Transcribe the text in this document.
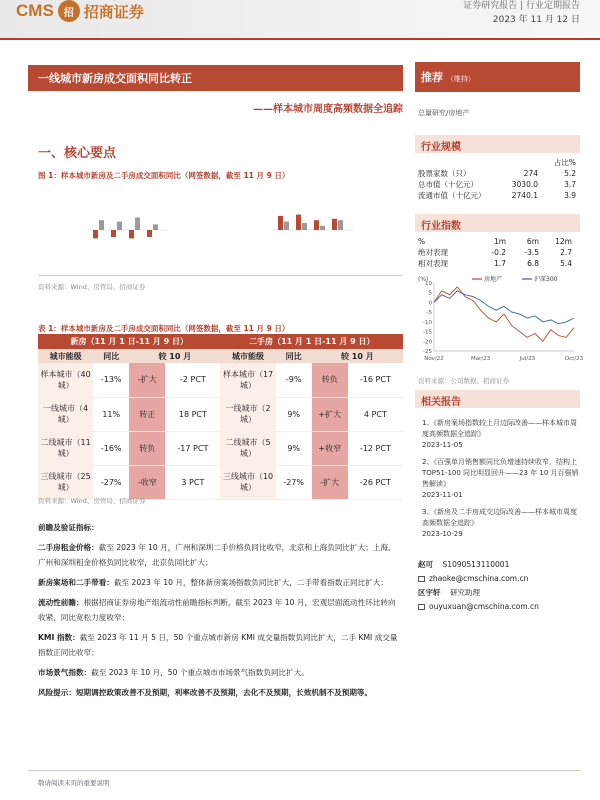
CMS	招 招商证券	证券研究报告 | 行业定期报告
2023 年 11 月 12 日
一线城市新房成交面积同比转正
——样本城市周度高频数据全追踪
推荐 （维持）
总量研究/房地产
一、核心要点
图 1：样本城市新房及二手房成交面积同比（网签数据，截至 11 月 9 日）
资料来源：Wind、房管局、招商证券
表 1：样本城市新房及二手房成交面积同比（网签数据，截至 11 月 9 日）
新房（11 月 1 日-11 月 9 日）				二手房（11 月 1 日-11 月 9 日）			
城市能级	同比	较 10 月		城市能级	同比	较 10 月	
样本城市（40 城）	-13%	-扩大	-2 PCT	样本城市（17 城）	-9%	转负	-16 PCT
一线城市（4 城）	11%	转正	18 PCT	一线城市（2 城）	9%	+扩大	4 PCT
二线城市（11 城）	-16%	转负	-17 PCT	二线城市（5 城）	9%	+收窄	-12 PCT
三线城市（25 城）	-27%	-收窄	3 PCT	三线城市（10 城）	-27%	-扩大	-26 PCT
资料来源：Wind、房管局、招商证券

前瞻及验证指标：

二手房租金价格：截至 2023 年 10 月，广州和深圳二手价格负同比收窄，北京和上海负同比扩大；上海、广州和深圳租金价格负同比收窄，北京负同比扩大；

新房案场和二手带看：截至 2023 年 10 月，整体新房案场指数负同比扩大，二手带看指数正同比扩大；

流动性前瞻：根据招商证券房地产组流动性前瞻指标判断，截至 2023 年 10 月，宏观层面流动性环比转向收紧，同比宽松力度收窄；

KMI 指数：截至 2023 年 11 月 5 日，50 个重点城市新房 KMI 成交量指数负同比扩大，二手 KMI 成交量指数正同比收窄；

市场景气指数：截至 2023 年 10 月，50 个重点城市市场景气指数负同比扩大。

风险提示：短期调控政策改善不及预期，利率改善不及预期，去化不及预期，长效机制不及预期等。

行业规模
占比%
股票家数（只）	274	5.2
总市值（十亿元）	3030.0	3.7
流通市值（十亿元）	2740.1	3.9
行业指数
%	1m	6m	12m
绝对表现	-0.2	-3.5	2.7
相对表现	1.7	6.8	5.4
(%)
10
5
0
-5
-10
-15
-20
-25
Nov/22	Mar/23	Jul/23	Oct/23
房地产	沪深300
资料来源：公司数据、招商证券
相关报告
1、《新房案场指数较上月边际改善——样本城市周度高频数据全追踪》
2023-11-05
2、《百强单月销售额同比负增速持续收窄，结构上 TOP51-100 同比明显回升——23 年 10 月百强销售解读》
2023-11-01
3、《新房及二手房成交边际改善——样本城市周度高频数据全追踪》
2023-10-29
赵可 S1090513110001
zhaoke@cmschina.com.cn
区宇轩 研究助理
ouyuxuan@cmschina.com.cn
敬请阅读末页的重要说明
